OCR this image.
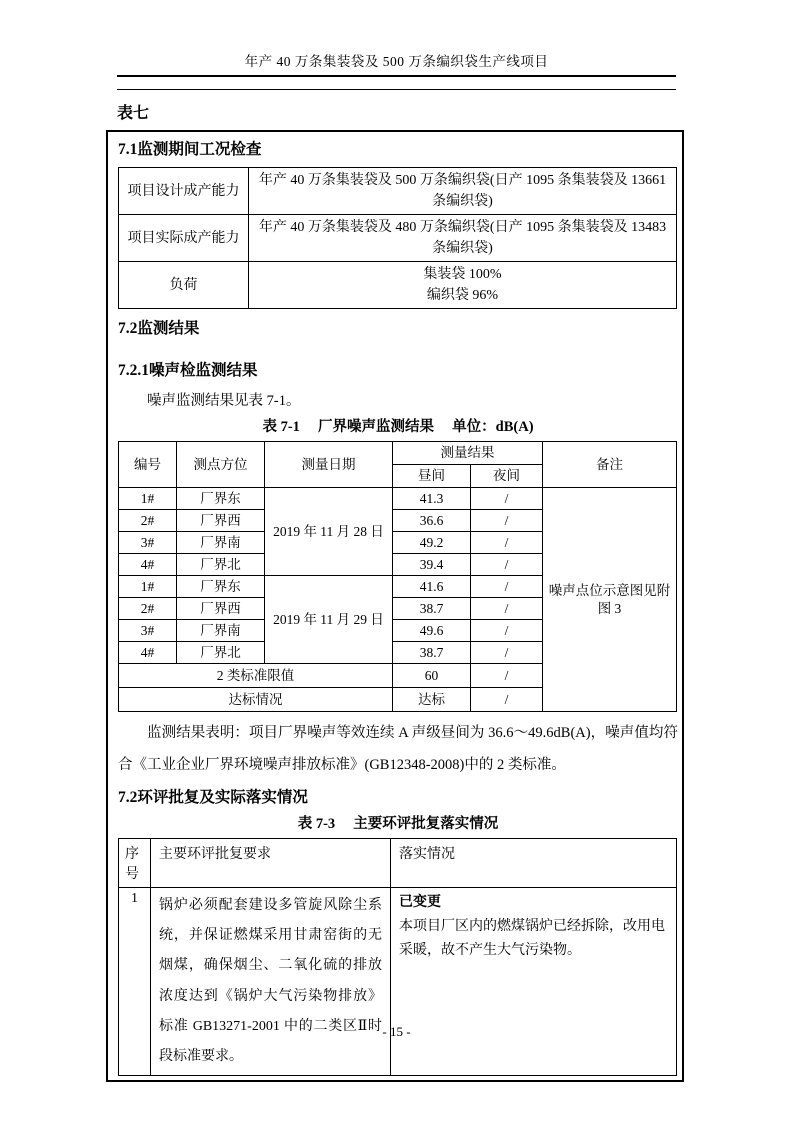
年产 40 万条集装袋及 500 万条编织袋生产线项目
表七
7.1监测期间工况检查
项目设计成产能力	年产 40 万条集装袋及 500 万条编织袋(日产 1095 条集装袋及 13661 条编织袋)
项目实际成产能力	年产 40 万条集装袋及 480 万条编织袋(日产 1095 条集装袋及 13483 条编织袋)
负荷	集装袋 100%
编织袋 96%
7.2监测结果
7.2.1噪声检监测结果
噪声监测结果见表 7-1。
表 7-1　 厂界噪声监测结果　 单位：dB(A)
编号	测点方位	测量日期	测量结果		备注
			昼间	夜间	
1#	厂界东	2019 年 11 月 28 日	41.3	/	噪声点位示意图见附图 3
2#	厂界西		36.6	/	
3#	厂界南		49.2	/	
4#	厂界北		39.4	/	
1#	厂界东	2019 年 11 月 29 日	41.6	/	
2#	厂界西		38.7	/	
3#	厂界南		49.6	/	
4#	厂界北		38.7	/	
2 类标准限值			60	/	
达标情况			达标	/	
监测结果表明：项目厂界噪声等效连续 A 声级昼间为 36.6～49.6dB(A)，噪声值均符合《工业企业厂界环境噪声排放标准》(GB12348-2008)中的 2 类标准。
7.2环评批复及实际落实情况
表 7-3　 主要环评批复落实情况
序号	主要环评批复要求	落实情况
1	锅炉必须配套建设多管旋风除尘系统，并保证燃煤采用甘肃窑街的无烟煤，确保烟尘、二氧化硫的排放浓度达到《锅炉大气污染物排放》标准 GB13271-2001 中的二类区Ⅱ时段标准要求。	已变更
本项目厂区内的燃煤锅炉已经拆除，改用电采暖，故不产生大气污染物。
- 15 -
